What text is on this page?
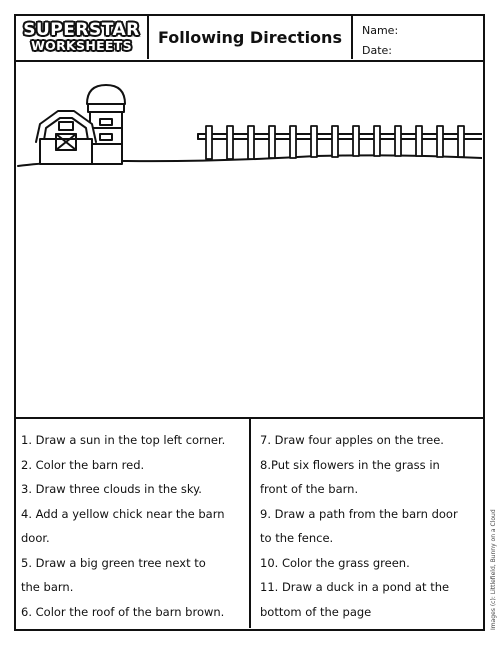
SUPERSTAR
WORKSHEETS	Following Directions	Name:
Date:
1. Draw a sun in the top left corner.
2. Color the barn red.
3. Draw three clouds in the sky.
4. Add a yellow chick near the barn
door.
5. Draw a big green tree next to
the barn.
6. Color the roof of the barn brown.
7. Draw four apples on the tree.
8.Put six flowers in the grass in
front of the barn.
9. Draw a path from the barn door
to the fence.
10. Color the grass green.
11. Draw a duck in a pond at the
bottom of the page	Images (c): Littlefield, Bunny on a Cloud
